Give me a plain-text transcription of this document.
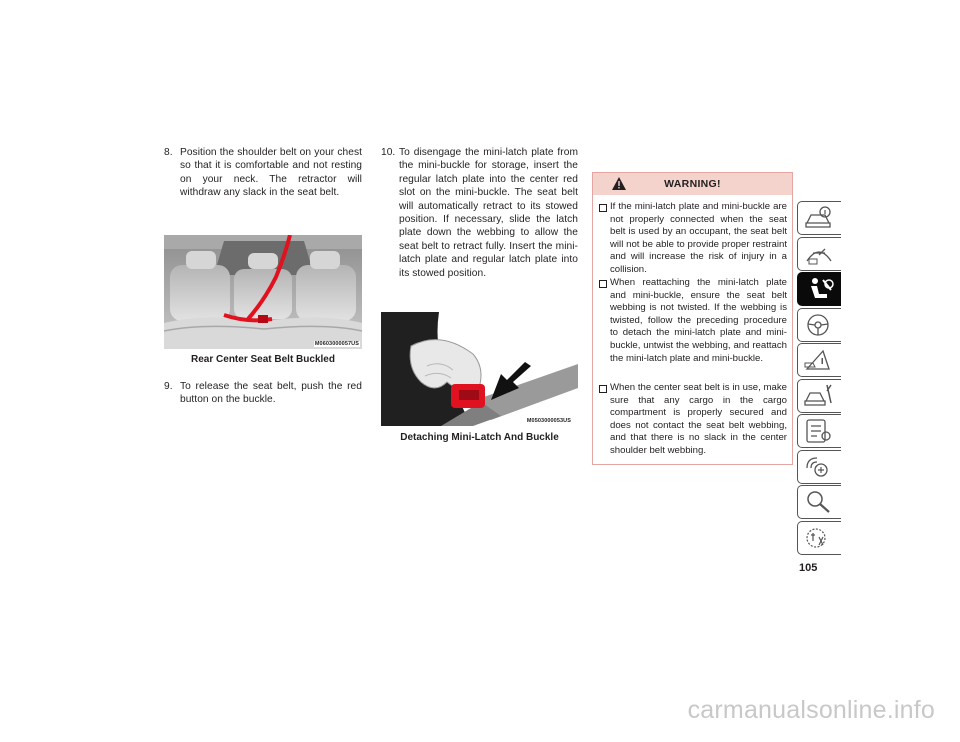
8. Position the shoulder belt on your chest so that it is comfortable and not resting on your neck. The retractor will withdraw any slack in the seat belt.
M0603000057US
Rear Center Seat Belt Buckled
9. To release the seat belt, push the red button on the buckle.
10. To disengage the mini-latch plate from the mini-buckle for storage, insert the regular latch plate into the center red slot on the mini-buckle. The seat belt will automatically retract to its stowed position. If necessary, slide the latch plate down the webbing to allow the seat belt to retract fully. Insert the mini-latch plate and regular latch plate into its stowed position.
M0503000053US
Detaching Mini-Latch And Buckle
WARNING!
If the mini-latch plate and mini-buckle are not properly connected when the seat belt is used by an occupant, the seat belt will not be able to provide proper restraint and will increase the risk of injury in a collision.
When reattaching the mini-latch plate and mini-buckle, ensure the seat belt webbing is not twisted. If the webbing is twisted, follow the preceding procedure to detach the mini-latch plate and mini-buckle, untwist the webbing, and reattach the mini-latch plate and mini-buckle.
When the center seat belt is in use, make sure that any cargo in the cargo compartment is properly secured and does not contact the seat belt webbing, and that there is no slack in the center shoulder belt webbing.
105
carmanualsonline.info
